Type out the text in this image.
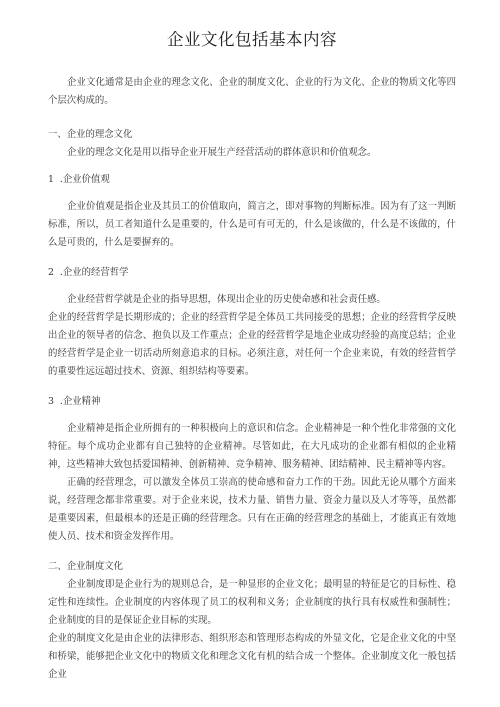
企业文化包括基本内容

企业文化通常是由企业的理念文化、企业的制度文化、企业的行为文化、企业的物质文化等四个层次构成的。

一、企业的理念文化

企业的理念文化是用以指导企业开展生产经营活动的群体意识和价值观念。

1  .企业价值观

企业价值观是指企业及其员工的价值取向，简言之，即对事物的判断标准。因为有了这一判断标准，所以，员工者知道什么是重要的，什么是可有可无的，什么是该做的，什么是不该做的，什么是可贵的，什么是要摒弃的。

2  .企业的经营哲学

企业经营哲学就是企业的指导思想，体现出企业的历史使命感和社会责任感。

企业的经营哲学是长期形成的；企业的经营哲学是全体员工共同接受的思想；企业的经营哲学反映出企业的领导者的信念、抱负以及工作重点；企业的经营哲学是地企业成功经验的高度总结；企业的经营哲学是企业一切活动所刻意追求的目标。必须注意，对任何一个企业来说，有效的经营哲学的重要性远远超过技术、资源、组织结构等要素。

3  .企业精神

企业精神是指企业所拥有的一种积极向上的意识和信念。企业精神是一种个性化非常强的文化特征。每个成功企业都有自己独特的企业精神。尽管如此，在大凡成功的企业都有相似的企业精神，这些精神大致包括爱国精神、创新精神、竞争精神、服务精神、团结精神、民主精神等内容。

正确的经营理念，可以激发全体员工崇高的使命感和奋力工作的干劲。因此无论从哪个方面来说，经营理念都非常重要。对于企业来说，技术力量、销售力量、资金力量以及人才等等，虽然都是重要因素，但最根本的还是正确的经营理念。只有在正确的经营理念的基础上，才能真正有效地使人员、技术和资金发挥作用。

二、企业制度文化

企业制度即是企业行为的规则总合，是一种显形的企业文化；最明显的特征是它的目标性、稳定性和连续性。企业制度的内容体现了员工的权利和义务；企业制度的执行具有权威性和强制性；企业制度的目的是保证企业目标的实现。

企业的制度文化是由企业的法律形态、组织形态和管理形态构成的外显文化，它是企业文化的中坚和桥梁，能够把企业文化中的物质文化和理念文化有机的结合成一个整体。企业制度文化一般包括企业
